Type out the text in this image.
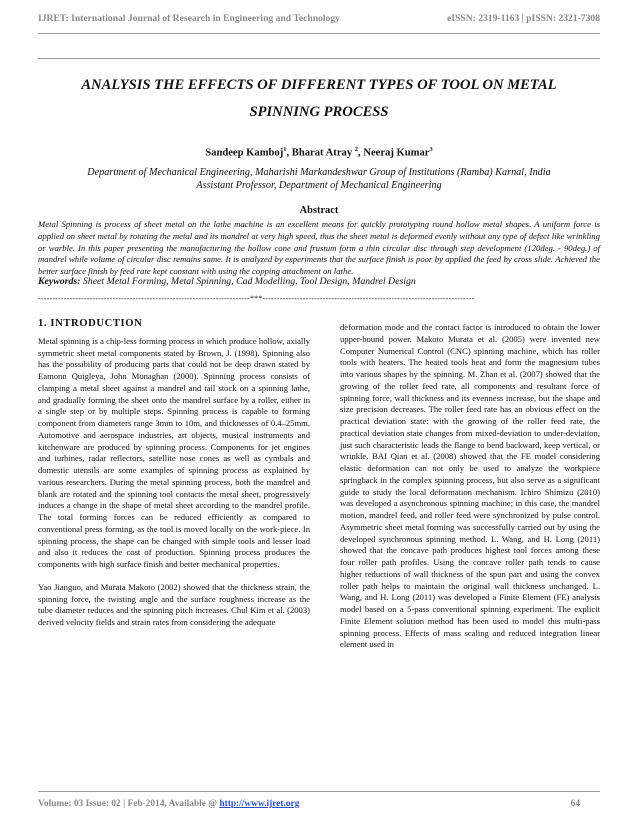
IJRET: International Journal of Research in Engineering and Technology	eISSN: 2319-1163 | pISSN: 2321-7308
ANALYSIS THE EFFECTS OF DIFFERENT TYPES OF TOOL ON METAL
SPINNING PROCESS
Sandeep Kamboj$^1$, Bharat Atray $^2$, Neeraj Kumar$^3$
Department of Mechanical Engineering, Maharishi Markandeshwar Group of Institutions (Ramba) Karnal, India
Assistant Professor, Department of Mechanical Engineering
Abstract
Metal Spinning is process of sheet metal on the lathe machine is an excellent means for quickly prototyping round hollow metal shapes. A uniform force is applied on sheet metal by rotating the metal and its mandrel at very high speed, thus the sheet metal is deformed evenly without any type of defect like wrinkling or warble. In this paper presenting the manufacturing the hollow cone and frustum form a thin circular disc through step development (120deg. - 90deg.) of mandrel while volume of circular disc remains same. It is analyzed by experiments that the surface finish is poor by applied the feed by cross slide. Achieved the better surface finish by feed rate kept constant with using the copping attachment on lathe.
Keywords: Sheet Metal Forming, Metal Spinning, Cad Modelling, Tool Design, Mandrel Design
--------------------------------------------------------------------------***--------------------------------------------------------------------------
1. INTRODUCTION

Metal spinning is a chip-less forming process in which produce hollow, axially symmetric sheet metal components stated by Brown, J. (1998). Spinning also has the possibility of producing parts that could not be deep drawn stated by Eamonn Quigleya, John Monaghan (2000). Spinning process consists of clamping a metal sheet against a mandrel and tail stock on a spinning lathe, and gradually forming the sheet onto the mandrel surface by a roller, either in a single step or by multiple steps. Spinning process is capable to forming component from diameters range 3mm to 10m, and thicknesses of 0.4–25mm. Automotive and aerospace industries, art objects, musical instruments and kitchenware are produced by spinning process. Components for jet engines and turbines, radar reflectors, satellite nose cones as well as cymbals and domestic utensils are some examples of spinning process as explained by various researchers. During the metal spinning process, both the mandrel and blank are rotated and the spinning tool contacts the metal sheet, progressively induces a change in the shape of metal sheet according to the mandrel profile. The total forming forces can be reduced efficiently as compared to conventional press forming, as the tool is moved locally on the work-piece. In spinning process, the shape can be changed with simple tools and lesser load and also it reduces the cost of production. Spinning process produces the components with high surface finish and better mechanical properties.

Yao Jianguo, and Murata Makoto (2002) showed that the thickness strain, the spinning force, the twisting angle and the surface roughness increase as the tube diameter reduces and the spinning pitch increases. Chul Kim et al. (2003) derived velocity fields and strain rates from considering the adequate

deformation mode and the contact factor is introduced to obtain the lower upper-bound power. Makoto Murata et al. (2005) were invented new Computer Numerical Control (CNC) spinning machine, which has roller tools with heaters. The heated tools heat and form the magnesium tubes into various shapes by the spinning. M. Zhan et al. (2007) showed that the growing of the roller feed rate, all components and resultant force of spinning force, wall thickness and its evenness increase, but the shape and size precision decreases. The roller feed rate has an obvious effect on the practical deviation state: with the growing of the roller feed rate, the practical deviation state changes from mixed-deviation to under-deviation, just such characteristic leads the flange to bend backward, keep vertical, or wrinkle. BAI Qian et al. (2008) showed that the FE model considering elastic deformation can not only be used to analyze the workpiece springback in the complex spinning process, but also serve as a significant guide to study the local deformation mechanism. Ichiro Shimizu (2010) was developed a asynchronous spinning machine; in this case, the mandrel motion, mandrel feed, and roller feed were synchronized by pulse control. Asymmetric sheet metal forming was successfully carried out by using the developed synchronous spinning method. L. Wang, and H. Long (2011) showed that the concave path produces highest tool forces among these four roller path profiles. Using the concave roller path tends to cause higher reductions of wall thickness of the spun part and using the convex roller path helps to maintain the original wall thickness unchanged. L. Wang, and H. Long (2011) was developed a Finite Element (FE) analysis model based on a 5-pass conventional spinning experiment. The explicit Finite Element solution method has been used to model this multi-pass spinning process. Effects of mass scaling and reduced integration linear element used in

Volume: 03 Issue: 02 | Feb-2014, Available @ http://www.ijret.org	64
